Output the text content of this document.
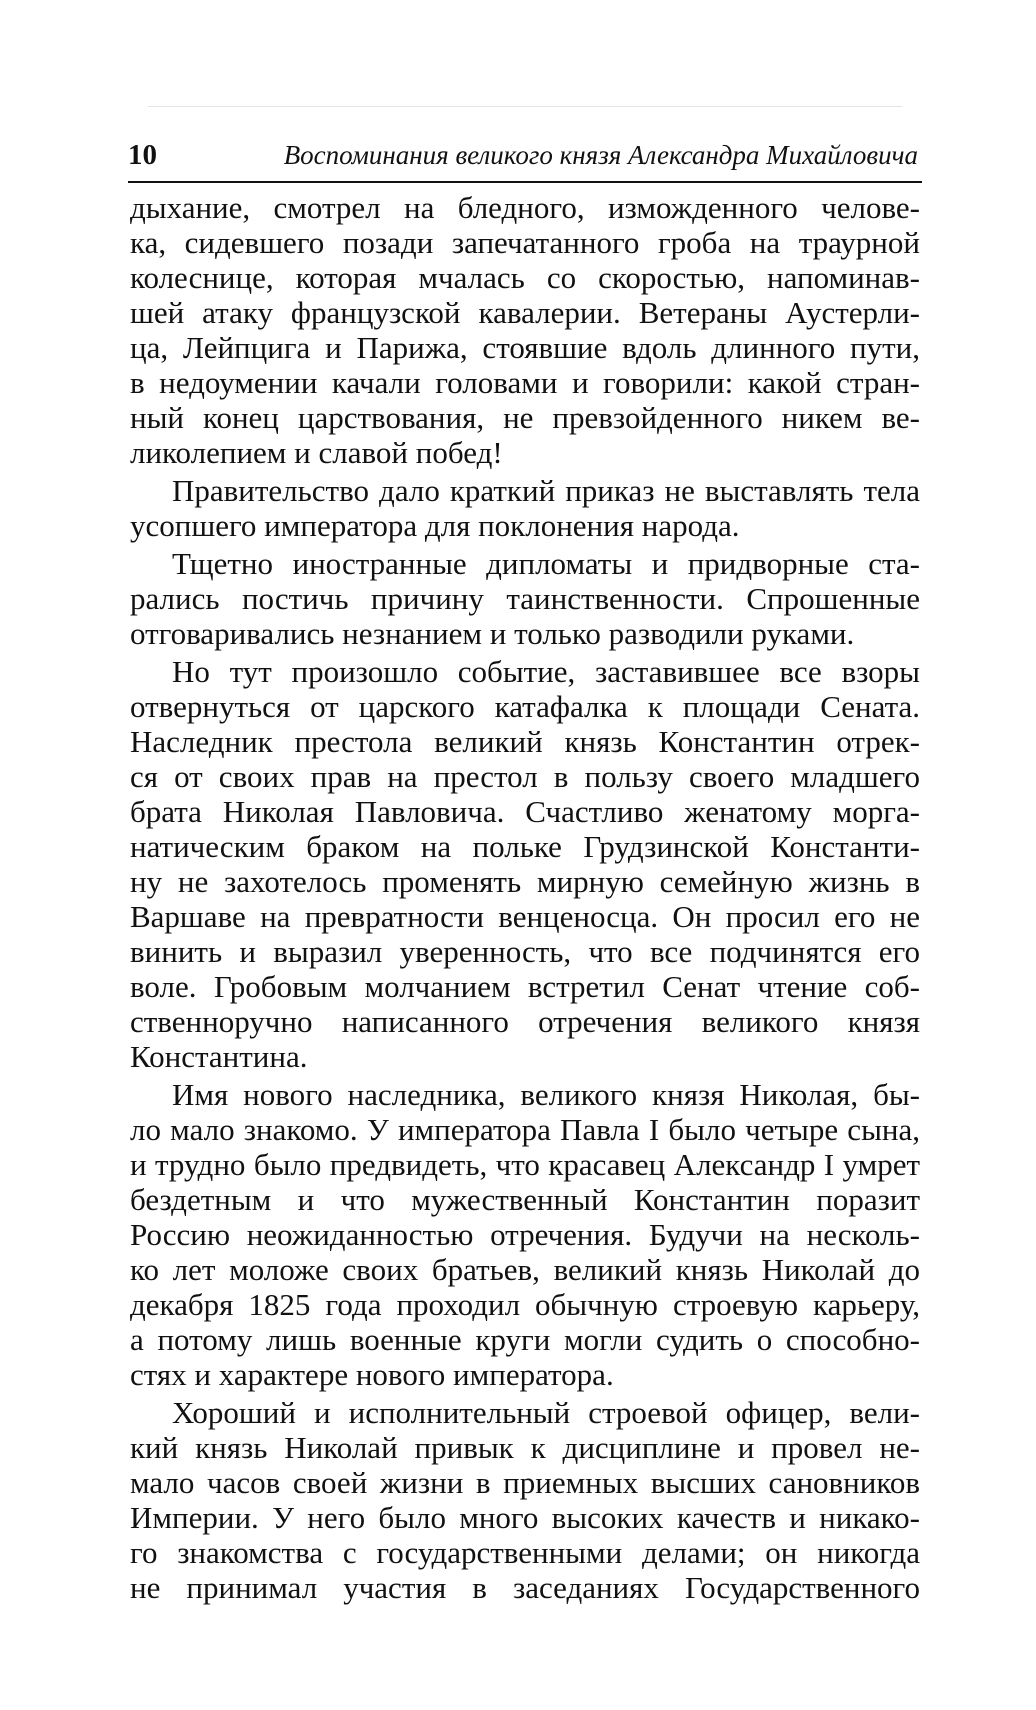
10	Воспоминания великого князя Александра Михайловича
дыхание, смотрел на бледного, изможденного челове-
ка, сидевшего позади запечатанного гроба на траурной
колеснице, которая мчалась со скоростью, напоминав-
шей атаку французской кавалерии. Ветераны Аустерли-
ца, Лейпцига и Парижа, стоявшие вдоль длинного пути,
в недоумении качали головами и говорили: какой стран-
ный конец царствования, не превзойденного никем ве-
ликолепием и славой побед!
Правительство дало краткий приказ не выставлять тела
усопшего императора для поклонения народа.
Тщетно иностранные дипломаты и придворные ста-
рались постичь причину таинственности. Спрошенные
отговаривались незнанием и только разводили руками.
Но тут произошло событие, заставившее все взоры
отвернуться от царского катафалка к площади Сената.
Наследник престола великий князь Константин отрек-
ся от своих прав на престол в пользу своего младшего
брата Николая Павловича. Счастливо женатому морга-
натическим браком на польке Грудзинской Константи-
ну не захотелось променять мирную семейную жизнь в
Варшаве на превратности венценосца. Он просил его не
винить и выразил уверенность, что все подчинятся его
воле. Гробовым молчанием встретил Сенат чтение соб-
ственноручно написанного отречения великого князя
Константина.
Имя нового наследника, великого князя Николая, бы-
ло мало знакомо. У императора Павла I было четыре сына,
и трудно было предвидеть, что красавец Александр I умрет
бездетным и что мужественный Константин поразит
Россию неожиданностью отречения. Будучи на несколь-
ко лет моложе своих братьев, великий князь Николай до
декабря 1825 года проходил обычную строевую карьеру,
а потому лишь военные круги могли судить о способно-
стях и характере нового императора.
Хороший и исполнительный строевой офицер, вели-
кий князь Николай привык к дисциплине и провел не-
мало часов своей жизни в приемных высших сановников
Империи. У него было много высоких качеств и никако-
го знакомства с государственными делами; он никогда
не принимал участия в заседаниях Государственного
